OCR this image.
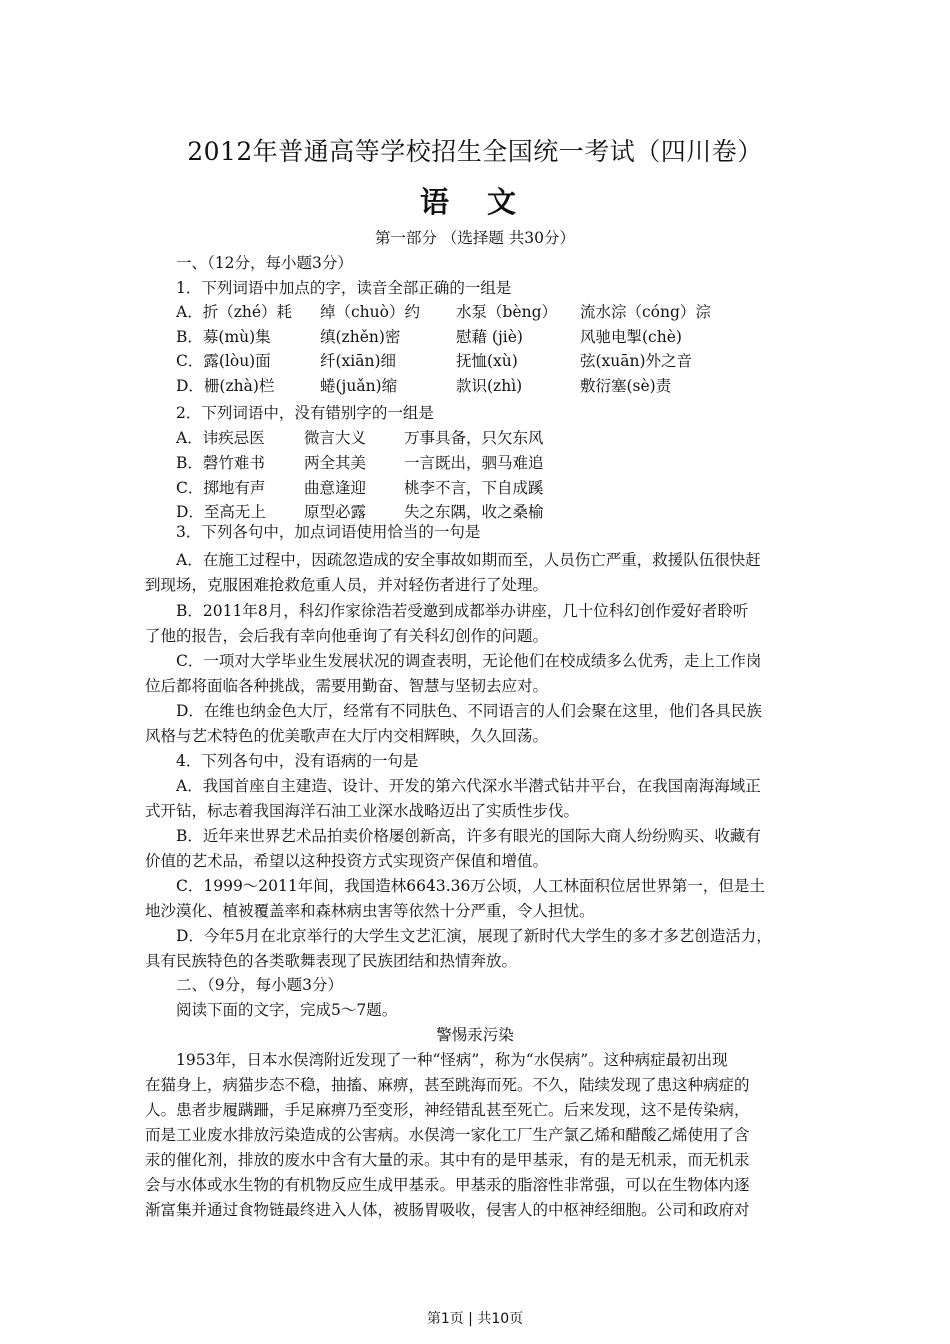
2012年普通高等学校招生全国统一考试（四川卷）
语 文
第一部分 （选择题 共30分）
一、（12分，每小题3分）
1．下列词语中加点的字，读音全部正确的一组是
A．折（zhé）耗 绰（chuò）约 水泵（bèng） 流水淙（cóng）淙
B．募(mù)集	缜(zhěn)密	慰藉 (jiè)	风驰电掣(chè)
C．露(lòu)面	纤(xiān)细	抚恤(xù)	弦(xuān)外之音
D．栅(zhà)栏	蜷(juǎn)缩	款识(zhì)	敷衍塞(sè)责
2．下列词语中，没有错别字的一组是
A．讳疾忌医	微言大义 万事具备，只欠东风
B．磬竹难书	两全其美 一言既出，驷马难追
C．掷地有声 曲意逢迎 桃李不言，下自成蹊
D．至高无上 原型必露 失之东隅，收之桑榆
3．下列各句中，加点词语使用恰当的一句是
A．在施工过程中，因疏忽造成的安全事故如期而至，人员伤亡严重，救援队伍很快赶
到现场，克服困难抢救危重人员，并对轻伤者进行了处理。
B．2011年8月，科幻作家徐浩若受邀到成都举办讲座，几十位科幻创作爱好者聆听
了他的报告，会后我有幸向他垂询了有关科幻创作的问题。
C．一项对大学毕业生发展状况的调查表明，无论他们在校成绩多么优秀，走上工作岗
位后都将面临各种挑战，需要用勤奋、智慧与坚韧去应对。
D．在维也纳金色大厅，经常有不同肤色、不同语言的人们会聚在这里，他们各具民族
风格与艺术特色的优美歌声在大厅内交相辉映，久久回荡。
4．下列各句中，没有语病的一句是
A．我国首座自主建造、设计、开发的第六代深水半潜式钻井平台，在我国南海海域正
式开钻，标志着我国海洋石油工业深水战略迈出了实质性步伐。
B．近年来世界艺术品拍卖价格屡创新高，许多有眼光的国际大商人纷纷购买、收藏有
价值的艺术品，希望以这种投资方式实现资产保值和增值。
C．1999～2011年间，我国造林6643.36万公顷，人工林面积位居世界第一，但是土
地沙漠化、植被覆盖率和森林病虫害等依然十分严重，令人担忧。
D．今年5月在北京举行的大学生文艺汇演，展现了新时代大学生的多才多艺创造活力，
具有民族特色的各类歌舞表现了民族团结和热情奔放。
二、（9分，每小题3分）
阅读下面的文字，完成5～7题。
警惕汞污染
1953年，日本水俣湾附近发现了一种“怪病”，称为“水俣病”。这种病症最初出现
在猫身上，病猫步态不稳，抽搐、麻痹，甚至跳海而死。不久，陆续发现了患这种病症的
人。患者步履蹒跚，手足麻痹乃至变形，神经错乱甚至死亡。后来发现，这不是传染病，
而是工业废水排放污染造成的公害病。水俣湾一家化工厂生产氯乙烯和醋酸乙烯使用了含
汞的催化剂，排放的废水中含有大量的汞。其中有的是甲基汞，有的是无机汞，而无机汞
会与水体或水生物的有机物反应生成甲基汞。甲基汞的脂溶性非常强，可以在生物体内逐
渐富集并通过食物链最终进入人体，被肠胃吸收，侵害人的中枢神经细胞。公司和政府对
第1页 | 共10页
